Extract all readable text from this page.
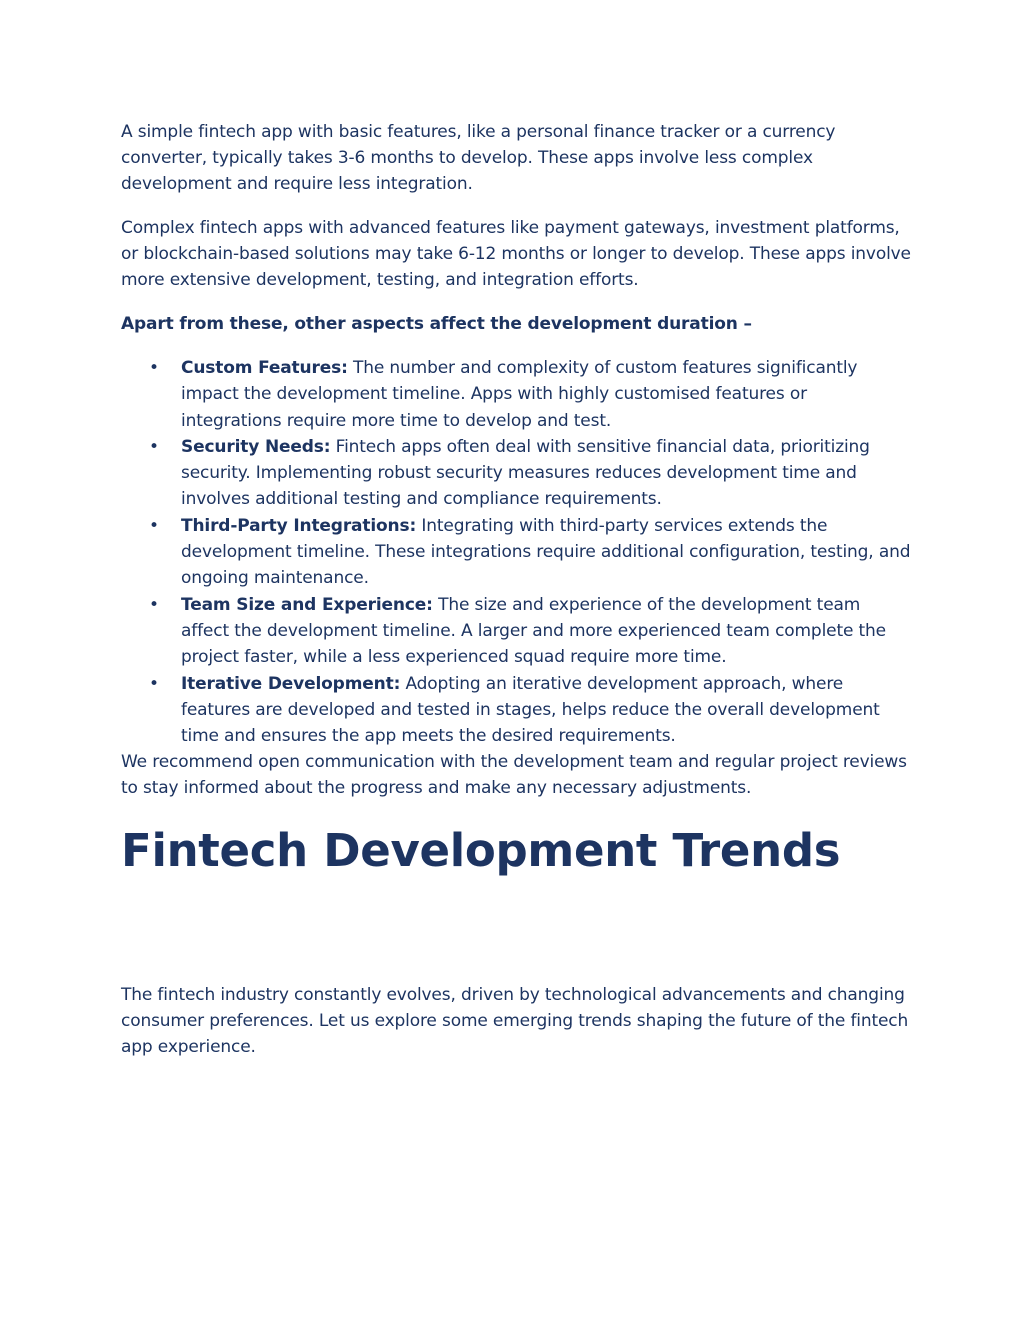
A simple fintech app with basic features, like a personal finance tracker or a currency converter, typically takes 3-6 months to develop. These apps involve less complex development and require less integration.

Complex fintech apps with advanced features like payment gateways, investment platforms, or blockchain-based solutions may take 6-12 months or longer to develop. These apps involve more extensive development, testing, and integration efforts.

Apart from these, other aspects affect the development duration –

• Custom Features: The number and complexity of custom features significantly impact the development timeline. Apps with highly customised features or integrations require more time to develop and test.
• Security Needs: Fintech apps often deal with sensitive financial data, prioritizing security. Implementing robust security measures reduces development time and involves additional testing and compliance requirements.
• Third-Party Integrations: Integrating with third-party services extends the development timeline. These integrations require additional configuration, testing, and ongoing maintenance.
• Team Size and Experience: The size and experience of the development team affect the development timeline. A larger and more experienced team complete the project faster, while a less experienced squad require more time.
• Iterative Development: Adopting an iterative development approach, where features are developed and tested in stages, helps reduce the overall development time and ensures the app meets the desired requirements.

We recommend open communication with the development team and regular project reviews to stay informed about the progress and make any necessary adjustments.

Fintech Development Trends

The fintech industry constantly evolves, driven by technological advancements and changing consumer preferences. Let us explore some emerging trends shaping the future of the fintech app experience.
